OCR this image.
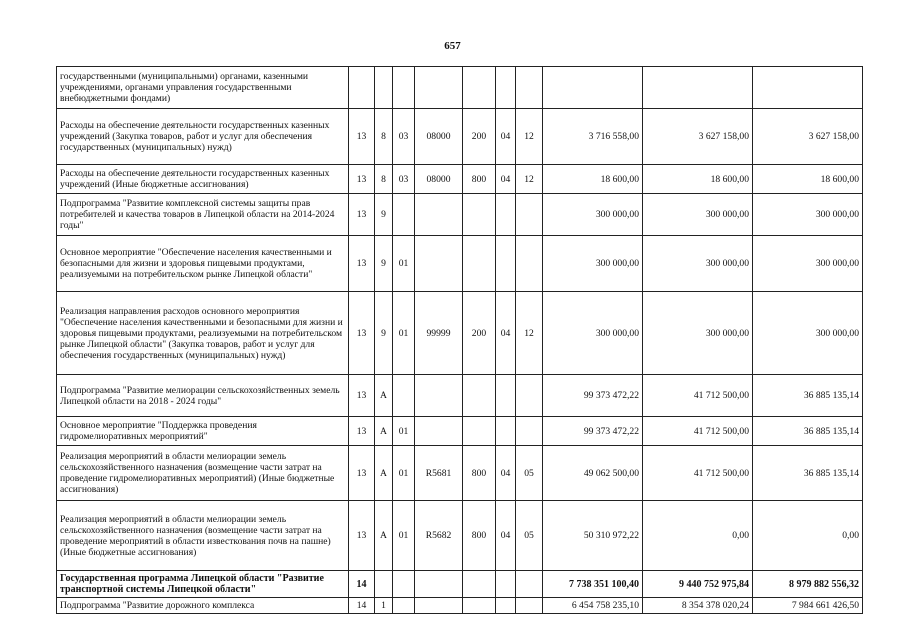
657
государственными (муниципальными) органами, казенными учреждениями, органами управления государственными внебюджетными фондами)										
Расходы на обеспечение деятельности государственных казенных учреждений (Закупка товаров, работ и услуг для обеспечения государственных (муниципальных) нужд)	13	8	03	08000	200	04	12	3 716 558,00	3 627 158,00	3 627 158,00
Расходы на обеспечение деятельности государственных казенных учреждений (Иные бюджетные ассигнования)	13	8	03	08000	800	04	12	18 600,00	18 600,00	18 600,00
Подпрограмма "Развитие комплексной системы защиты прав потребителей и качества товаров в Липецкой области на 2014-2024 годы"	13	9						300 000,00	300 000,00	300 000,00
Основное мероприятие "Обеспечение населения качественными и безопасными для жизни и здоровья пищевыми продуктами, реализуемыми на потребительском рынке Липецкой области"	13	9	01					300 000,00	300 000,00	300 000,00
Реализация направления расходов основного мероприятия "Обеспечение населения качественными и безопасными для жизни и здоровья пищевыми продуктами, реализуемыми на потребительском рынке Липецкой области" (Закупка товаров, работ и услуг для обеспечения государственных (муниципальных) нужд)	13	9	01	99999	200	04	12	300 000,00	300 000,00	300 000,00
Подпрограмма "Развитие мелиорации сельскохозяйственных земель Липецкой области на 2018 - 2024 годы"	13	А						99 373 472,22	41 712 500,00	36 885 135,14
Основное мероприятие "Поддержка проведения гидромелиоративных мероприятий"	13	А	01					99 373 472,22	41 712 500,00	36 885 135,14
Реализация мероприятий в области мелиорации земель сельскохозяйственного назначения (возмещение части затрат на проведение гидромелиоративных мероприятий) (Иные бюджетные ассигнования)	13	А	01	R5681	800	04	05	49 062 500,00	41 712 500,00	36 885 135,14
Реализация мероприятий в области мелиорации земель сельскохозяйственного назначения (возмещение части затрат на проведение мероприятий в области известкования почв на пашне) (Иные бюджетные ассигнования)	13	А	01	R5682	800	04	05	50 310 972,22	0,00	0,00
Государственная программа Липецкой области "Развитие транспортной системы Липецкой области"	14							7 738 351 100,40	9 440 752 975,84	8 979 882 556,32
Подпрограмма "Развитие дорожного комплекса	14	1						6 454 758 235,10	8 354 378 020,24	7 984 661 426,50
